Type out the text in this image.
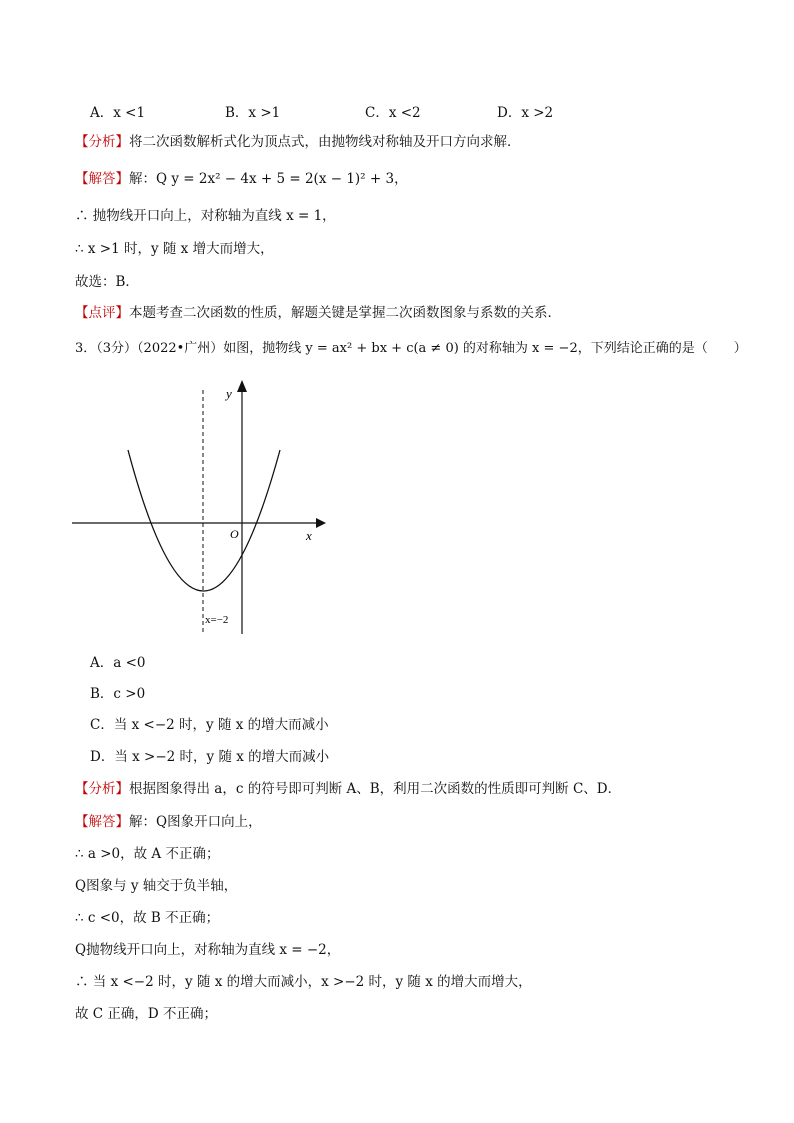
A．x <1	B．x >1	C．x <2	D．x >2
【分析】将二次函数解析式化为顶点式，由抛物线对称轴及开口方向求解．
【解答】解：Q y = 2x² − 4x + 5 = 2(x − 1)² + 3，
∴ 抛物线开口向上，对称轴为直线 x = 1，
∴ x >1 时，y 随 x 增大而增大，
故选：B．
【点评】本题考查二次函数的性质，解题关键是掌握二次函数图象与系数的关系．
3．（3分）（2022•广州）如图，抛物线 y = ax² + bx + c(a ≠ 0) 的对称轴为 x = −2，下列结论正确的是（　　）
y
x
O
x=−2
A．a <0
B．c >0
C．当 x <−2 时，y 随 x 的增大而减小
D．当 x >−2 时，y 随 x 的增大而减小
【分析】根据图象得出 a，c 的符号即可判断 A、B，利用二次函数的性质即可判断 C、D．
【解答】解：Q图象开口向上，
∴ a >0，故 A 不正确；
Q图象与 y 轴交于负半轴，
∴ c <0，故 B 不正确；
Q抛物线开口向上，对称轴为直线 x = −2，
∴ 当 x <−2 时，y 随 x 的增大而减小，x >−2 时，y 随 x 的增大而增大，
故 C 正确，D 不正确；
